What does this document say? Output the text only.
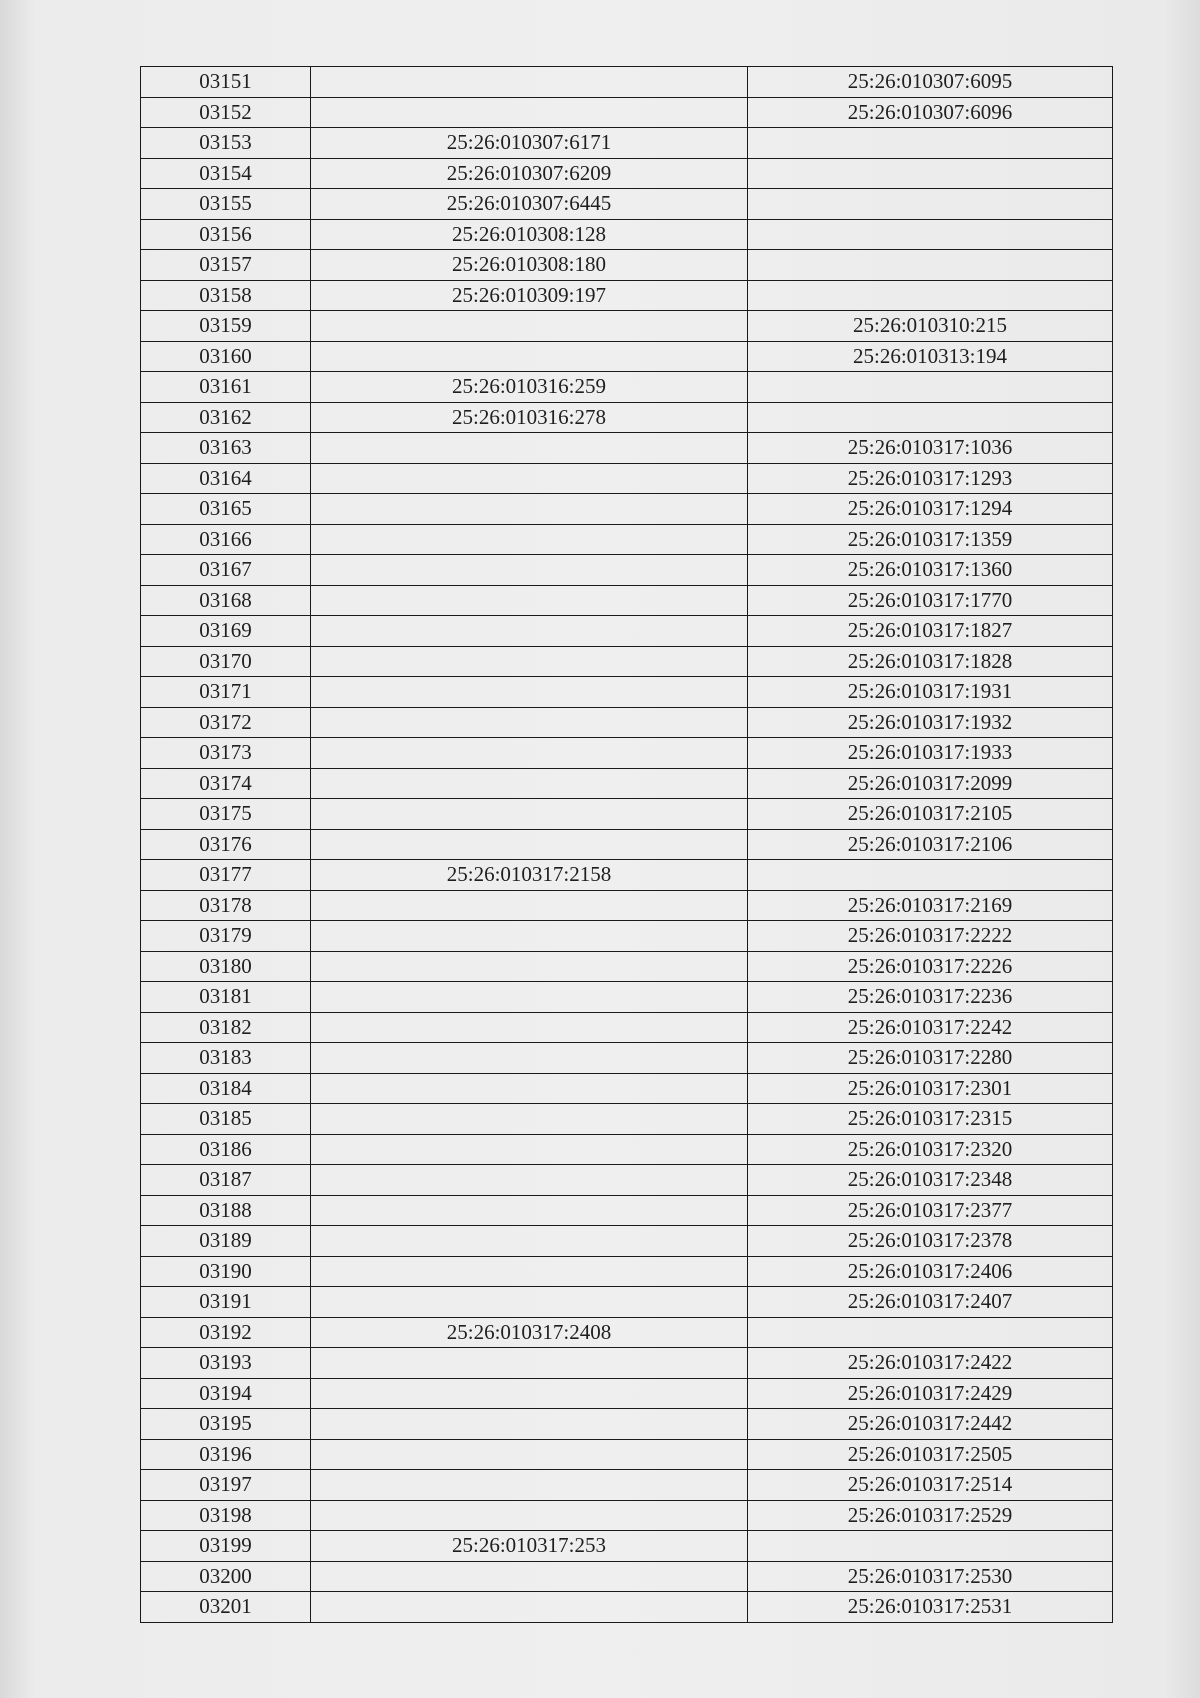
03151		25:26:010307:6095
03152		25:26:010307:6096
03153	25:26:010307:6171	
03154	25:26:010307:6209	
03155	25:26:010307:6445	
03156	25:26:010308:128	
03157	25:26:010308:180	
03158	25:26:010309:197	
03159		25:26:010310:215
03160		25:26:010313:194
03161	25:26:010316:259	
03162	25:26:010316:278	
03163		25:26:010317:1036
03164		25:26:010317:1293
03165		25:26:010317:1294
03166		25:26:010317:1359
03167		25:26:010317:1360
03168		25:26:010317:1770
03169		25:26:010317:1827
03170		25:26:010317:1828
03171		25:26:010317:1931
03172		25:26:010317:1932
03173		25:26:010317:1933
03174		25:26:010317:2099
03175		25:26:010317:2105
03176		25:26:010317:2106
03177	25:26:010317:2158	
03178		25:26:010317:2169
03179		25:26:010317:2222
03180		25:26:010317:2226
03181		25:26:010317:2236
03182		25:26:010317:2242
03183		25:26:010317:2280
03184		25:26:010317:2301
03185		25:26:010317:2315
03186		25:26:010317:2320
03187		25:26:010317:2348
03188		25:26:010317:2377
03189		25:26:010317:2378
03190		25:26:010317:2406
03191		25:26:010317:2407
03192	25:26:010317:2408	
03193		25:26:010317:2422
03194		25:26:010317:2429
03195		25:26:010317:2442
03196		25:26:010317:2505
03197		25:26:010317:2514
03198		25:26:010317:2529
03199	25:26:010317:253	
03200		25:26:010317:2530
03201		25:26:010317:2531
